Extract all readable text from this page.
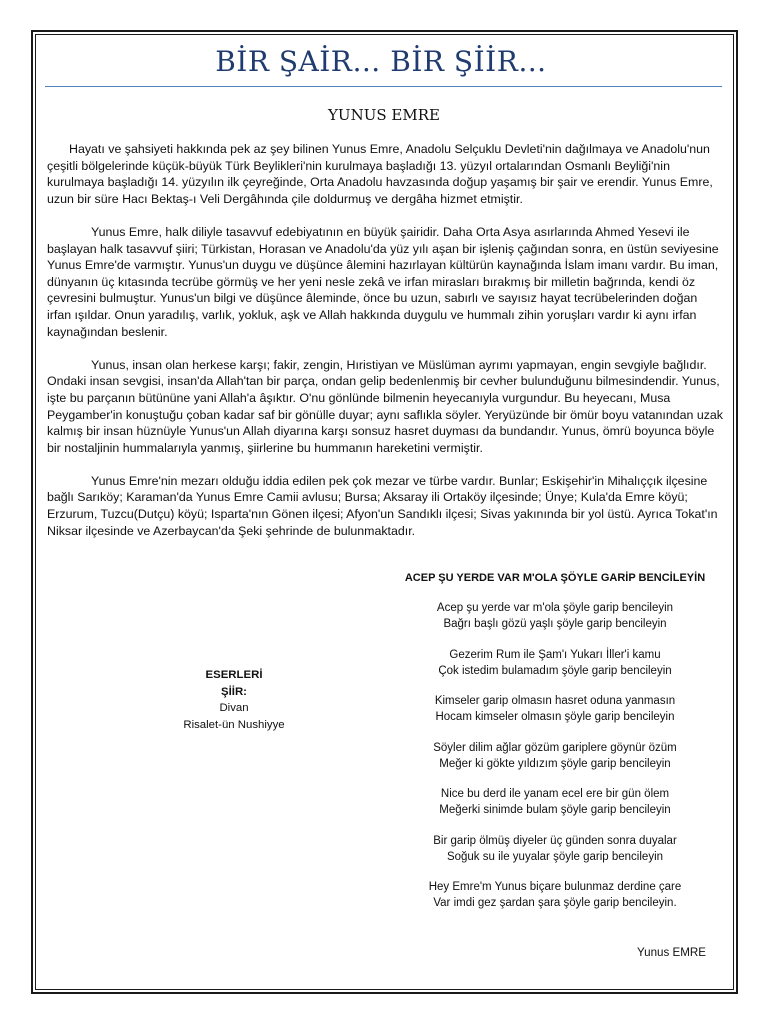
BİR ŞAİR… BİR ŞİİR…
YUNUS EMRE

Hayatı ve şahsiyeti hakkında pek az şey bilinen Yunus Emre, Anadolu Selçuklu Devleti'nin dağılmaya ve Anadolu'nun çeşitli bölgelerinde küçük-büyük Türk Beylikleri'nin kurulmaya başladığı 13. yüzyıl ortalarından Osmanlı Beyliği'nin kurulmaya başladığı 14. yüzyılın ilk çeyreğinde, Orta Anadolu havzasında doğup yaşamış bir şair ve erendir. Yunus Emre, uzun bir süre Hacı Bektaş-ı Veli Dergâhında çile doldurmuş ve dergâha hizmet etmiştir.

Yunus Emre, halk diliyle tasavvuf edebiyatının en büyük şairidir. Daha Orta Asya asırlarında Ahmed Yesevi ile başlayan halk tasavvuf şiiri; Türkistan, Horasan ve Anadolu'da yüz yılı aşan bir işleniş çağından sonra, en üstün seviyesine Yunus Emre'de varmıştır. Yunus'un duygu ve düşünce âlemini hazırlayan kültürün kaynağında İslam imanı vardır. Bu iman, dünyanın üç kıtasında tecrübe görmüş ve her yeni nesle zekâ ve irfan mirasları bırakmış bir milletin bağrında, kendi öz çevresini bulmuştur. Yunus'un bilgi ve düşünce âleminde, önce bu uzun, sabırlı ve sayısız hayat tecrübelerinden doğan irfan ışıldar. Onun yaradılış, varlık, yokluk, aşk ve Allah hakkında duygulu ve hummalı zihin yoruşları vardır ki aynı irfan kaynağından beslenir.

Yunus, insan olan herkese karşı; fakir, zengin, Hıristiyan ve Müslüman ayrımı yapmayan, engin sevgiyle bağlıdır. Ondaki insan sevgisi, insan'da Allah'tan bir parça, ondan gelip bedenlenmiş bir cevher bulunduğunu bilmesindendir. Yunus, işte bu parçanın bütününe yani Allah'a âşıktır. O'nu gönlünde bilmenin heyecanıyla vurgundur. Bu heyecanı, Musa Peygamber'in konuştuğu çoban kadar saf bir gönülle duyar; aynı saflıkla söyler. Yeryüzünde bir ömür boyu vatanından uzak kalmış bir insan hüznüyle Yunus'un Allah diyarına karşı sonsuz hasret duyması da bundandır. Yunus, ömrü boyunca böyle bir nostaljinin hummalarıyla yanmış, şiirlerine bu hummanın hareketini vermiştir.

Yunus Emre'nin mezarı olduğu iddia edilen pek çok mezar ve türbe vardır. Bunlar; Eskişehir'in Mihalıççık ilçesine bağlı Sarıköy; Karaman'da Yunus Emre Camii avlusu; Bursa; Aksaray ili Ortaköy ilçesinde; Ünye; Kula'da Emre köyü; Erzurum, Tuzcu(Dutçu) köyü; Isparta'nın Gönen ilçesi; Afyon'un Sandıklı ilçesi; Sivas yakınında bir yol üstü. Ayrıca Tokat'ın Niksar ilçesinde ve Azerbaycan'da Şeki şehrinde de bulunmaktadır.

ESERLERİ
ŞİİR:
Divan
Risalet-ün Nushiyye
ACEP ŞU YERDE VAR M'OLA ŞÖYLE GARİP BENCİLEYİN
Acep şu yerde var m'ola şöyle garip bencileyin
Bağrı başlı gözü yaşlı şöyle garip bencileyin
Gezerim Rum ile Şam'ı Yukarı İller'i kamu
Çok istedim bulamadım şöyle garip bencileyin
Kimseler garip olmasın hasret oduna yanmasın
Hocam kimseler olmasın şöyle garip bencileyin
Söyler dilim ağlar gözüm gariplere göynür özüm
Meğer ki gökte yıldızım şöyle garip bencileyin
Nice bu derd ile yanam ecel ere bir gün ölem
Meğerki sinimde bulam şöyle garip bencileyin
Bir garip ölmüş diyeler üç günden sonra duyalar
Soğuk su ile yuyalar şöyle garip bencileyin
Hey Emre'm Yunus biçare bulunmaz derdine çare
Var imdi gez şardan şara şöyle garip bencileyin.
Yunus EMRE
